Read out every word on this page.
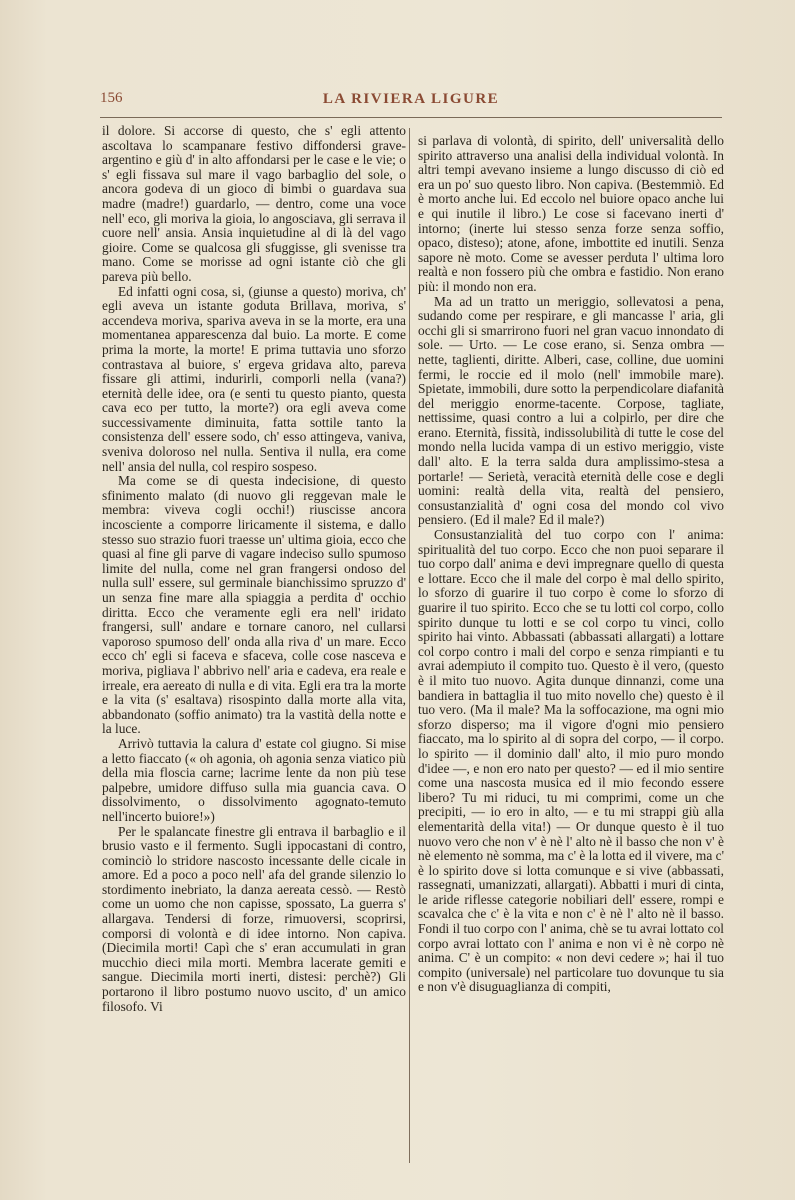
156	LA RIVIERA LIGURE

il dolore. Si accorse di questo, che s' egli attento ascoltava lo scampanare festivo diffondersi grave-argentino e giù d' in alto affondarsi per le case e le vie; o s' egli fissava sul mare il vago barbaglio del sole, o ancora godeva di un gioco di bimbi o guardava sua madre (madre!) guardarlo, — dentro, come una voce nell' eco, gli moriva la gioia, lo angosciava, gli serrava il cuore nell' ansia. Ansia inquietudine al di là del vago gioire. Come se qualcosa gli sfuggisse, gli svenisse tra mano. Come se morisse ad ogni istante ciò che gli pareva più bello.

Ed infatti ogni cosa, si, (giunse a questo) moriva, ch' egli aveva un istante goduta Brillava, moriva, s' accendeva moriva, spariva aveva in se la morte, era una momentanea apparescenza dal buio. La morte. E come prima la morte, la morte! E prima tuttavia uno sforzo contrastava al buiore, s' ergeva gridava alto, pareva fissare gli attimi, indurirli, comporli nella (vana?) eternità delle idee, ora (e senti tu questo pianto, questa cava eco per tutto, la morte?) ora egli aveva come successivamente diminuita, fatta sottile tanto la consistenza dell' essere sodo, ch' esso attingeva, vaniva, sveniva doloroso nel nulla. Sentiva il nulla, era come nell' ansia del nulla, col respiro sospeso.

Ma come se di questa indecisione, di questo sfinimento malato (di nuovo gli reggevan male le membra: viveva cogli occhi!) riuscisse ancora incosciente a comporre liricamente il sistema, e dallo stesso suo strazio fuori traesse un' ultima gioia, ecco che quasi al fine gli parve di vagare indeciso sullo spumoso limite del nulla, come nel gran frangersi ondoso del nulla sull' essere, sul germinale bianchissimo spruzzo d' un senza fine mare alla spiaggia a perdita d' occhio diritta. Ecco che veramente egli era nell' iridato frangersi, sull' andare e tornare canoro, nel cullarsi vaporoso spumoso dell' onda alla riva d' un mare. Ecco ecco ch' egli si faceva e sfaceva, colle cose nasceva e moriva, pigliava l' abbrivo nell' aria e cadeva, era reale e irreale, era aereato di nulla e di vita. Egli era tra la morte e la vita (s' esaltava) risospinto dalla morte alla vita, abbandonato (soffio animato) tra la vastità della notte e la luce.

Arrivò tuttavia la calura d' estate col giugno. Si mise a letto fiaccato (« oh agonia, oh agonia senza viatico più della mia floscia carne; lacrime lente da non più tese palpebre, umidore diffuso sulla mia guancia cava. O dissolvimento, o dissolvimento agognato-temuto nell'incerto buiore!»)

Per le spalancate finestre gli entrava il barbaglio e il brusio vasto e il fermento. Sugli ippocastani di contro, cominciò lo stridore nascosto incessante delle cicale in amore. Ed a poco a poco nell' afa del grande silenzio lo stordimento inebriato, la danza aereata cessò. — Restò come un uomo che non capisse, spossato, La guerra s' allargava. Tendersi di forze, rimuoversi, scoprirsi, comporsi di volontà e di idee intorno. Non capiva. (Diecimila morti! Capì che s' eran accumulati in gran mucchio dieci mila morti. Membra lacerate gemiti e sangue. Diecimila morti inerti, distesi: perchè?) Gli portarono il libro postumo nuovo uscito, d' un amico filosofo. Vi

si parlava di volontà, di spirito, dell' universalità dello spirito attraverso una analisi della individual volontà. In altri tempi avevano insieme a lungo discusso di ciò ed era un po' suo questo libro. Non capiva. (Bestemmiò. Ed è morto anche lui. Ed eccolo nel buiore opaco anche lui e qui inutile il libro.) Le cose si facevano inerti d' intorno; (inerte lui stesso senza forze senza soffio, opaco, disteso); atone, afone, imbottite ed inutili. Senza sapore nè moto. Come se avesser perduta l' ultima loro realtà e non fossero più che ombra e fastidio. Non erano più: il mondo non era.

Ma ad un tratto un meriggio, sollevatosi a pena, sudando come per respirare, e gli mancasse l' aria, gli occhi gli si smarrirono fuori nel gran vacuo innondato di sole. — Urto. — Le cose erano, si. Senza ombra — nette, taglienti, diritte. Alberi, case, colline, due uomini fermi, le roccie ed il molo (nell' immobile mare). Spietate, immobili, dure sotto la perpendicolare diafanità del meriggio enorme-tacente. Corpose, tagliate, nettissime, quasi contro a lui a colpirlo, per dire che erano. Eternità, fissità, indissolubilità di tutte le cose del mondo nella lucida vampa di un estivo meriggio, viste dall' alto. E la terra salda dura amplissimo-stesa a portarle! — Serietà, veracità eternità delle cose e degli uomini: realtà della vita, realtà del pensiero, consustanzialità d' ogni cosa del mondo col vivo pensiero. (Ed il male? Ed il male?)

Consustanzialità del tuo corpo con l' anima: spiritualità del tuo corpo. Ecco che non puoi separare il tuo corpo dall' anima e devi impregnare quello di questa e lottare. Ecco che il male del corpo è mal dello spirito, lo sforzo di guarire il tuo corpo è come lo sforzo di guarire il tuo spirito. Ecco che se tu lotti col corpo, collo spirito dunque tu lotti e se col corpo tu vinci, collo spirito hai vinto. Abbassati (abbassati allargati) a lottare col corpo contro i mali del corpo e senza rimpianti e tu avrai adempiuto il compito tuo. Questo è il vero, (questo è il mito tuo nuovo. Agita dunque dinnanzi, come una bandiera in battaglia il tuo mito novello che) questo è il tuo vero. (Ma il male? Ma la soffocazione, ma ogni mio sforzo disperso; ma il vigore d'ogni mio pensiero fiaccato, ma lo spirito al di sopra del corpo, — il corpo. lo spirito — il dominio dall' alto, il mio puro mondo d'idee —, e non ero nato per questo? — ed il mio sentire come una nascosta musica ed il mio fecondo essere libero? Tu mi riduci, tu mi comprimi, come un che precipiti, — io ero in alto, — e tu mi strappi giù alla elementarità della vita!) — Or dunque questo è il tuo nuovo vero che non v' è nè l' alto nè il basso che non v' è nè elemento nè somma, ma c' è la lotta ed il vivere, ma c' è lo spirito dove si lotta comunque e si vive (abbassati, rassegnati, umanizzati, allargati). Abbatti i muri di cinta, le aride riflesse categorie nobiliari dell' essere, rompi e scavalca che c' è la vita e non c' è nè l' alto nè il basso. Fondi il tuo corpo con l' anima, chè se tu avrai lottato col corpo avrai lottato con l' anima e non vi è nè corpo nè anima. C' è un compito: « non devi cedere »; hai il tuo compito (universale) nel particolare tuo dovunque tu sia e non v'è disuguaglianza di compiti,
